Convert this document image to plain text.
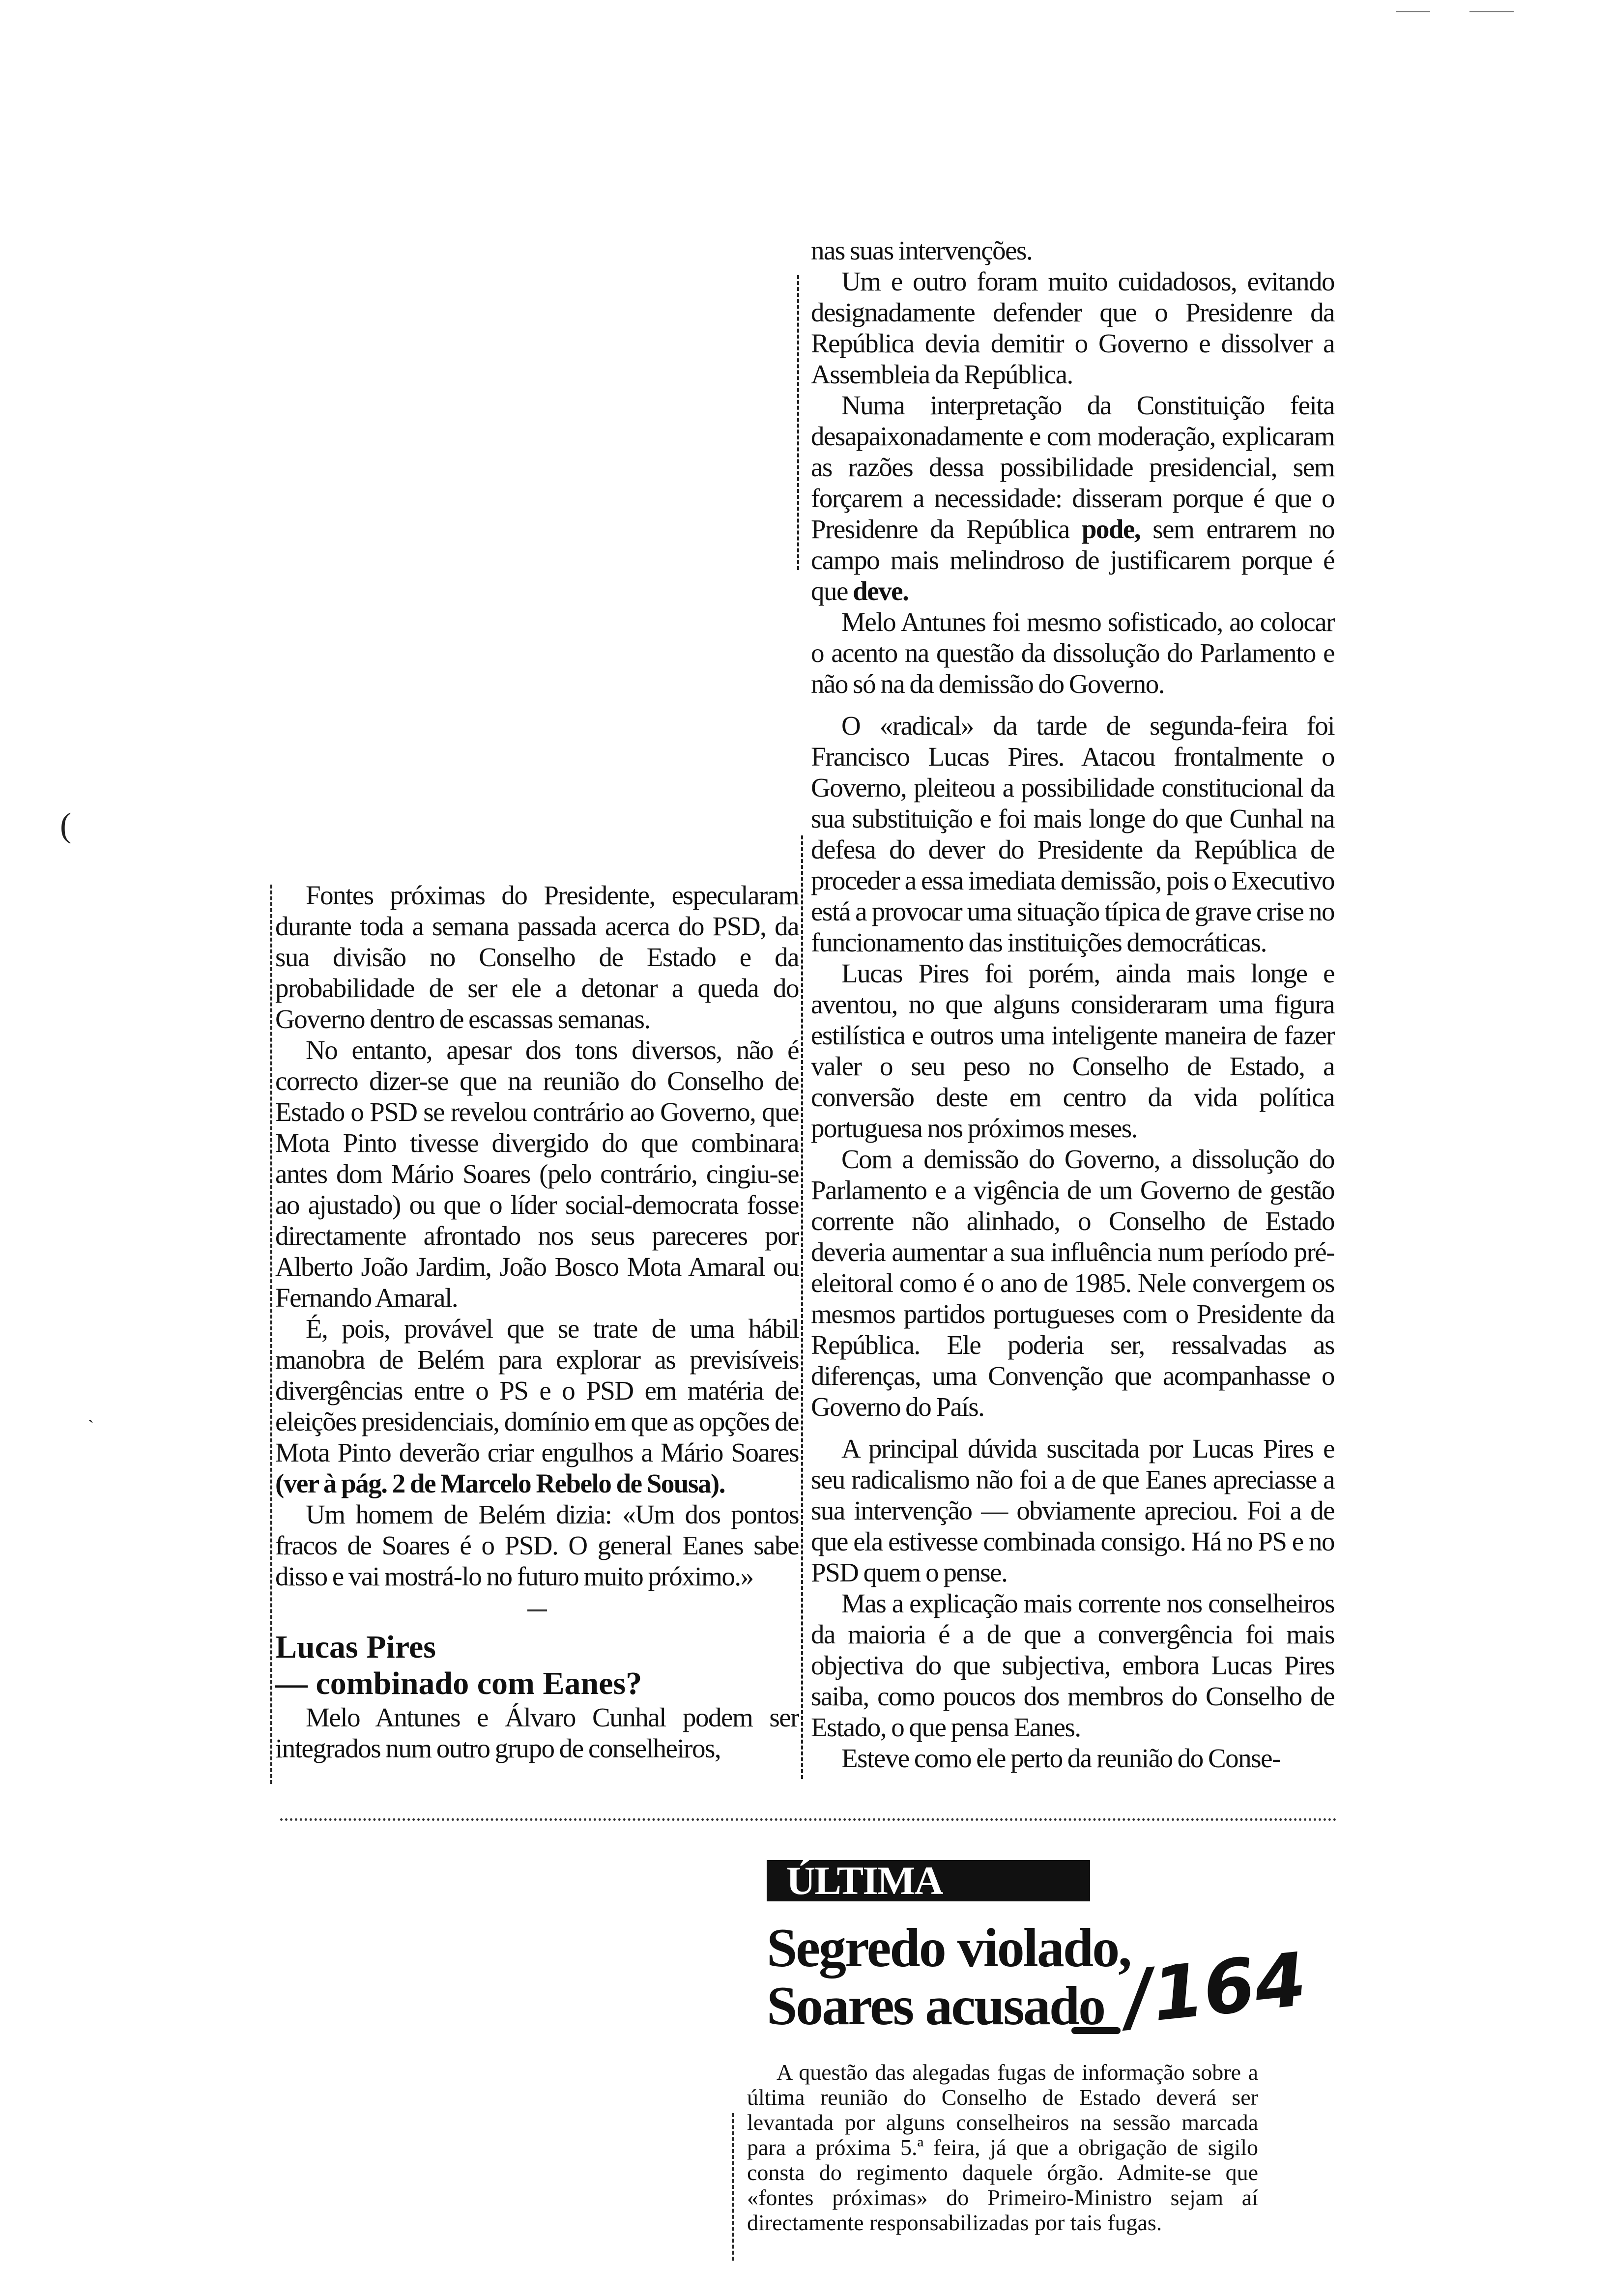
(
`

Fontes próximas do Presidente, especularam durante toda a semana passada acerca do PSD, da sua divisão no Conselho de Estado e da probabilidade de ser ele a detonar a queda do Governo dentro de escassas semanas.

No entanto, apesar dos tons diversos, não é correcto dizer-se que na reunião do Conselho de Estado o PSD se revelou contrário ao Governo, que Mota Pinto tivesse divergido do que combinara antes dom Mário Soares (pelo contrário, cingiu-se ao ajustado) ou que o líder social-democrata fosse directamente afrontado nos seus pareceres por Alberto João Jardim, João Bosco Mota Amaral ou Fernando Amaral.

É, pois, provável que se trate de uma hábil manobra de Belém para explorar as previsíveis divergências entre o PS e o PSD em matéria de eleições presidenciais, domínio em que as opções de Mota Pinto deverão criar engulhos a Mário Soares (ver à pág. 2 de Marcelo Rebelo de Sousa).

Um homem de Belém dizia: «Um dos pontos fracos de Soares é o PSD. O general Eanes sabe disso e vai mostrá-lo no futuro muito próximo.»

Lucas Pires

— combinado com Eanes?

Melo Antunes e Álvaro Cunhal podem ser integrados num outro grupo de conselheiros,

nas suas intervenções.

Um e outro foram muito cuidadosos, evitando designadamente defender que o Presidenre da República devia demitir o Governo e dissolver a Assembleia da República.

Numa interpretação da Constituição feita desapaixonadamente e com moderação, explicaram as razões dessa possibilidade presidencial, sem forçarem a necessidade: disseram porque é que o Presidenre da República pode, sem entrarem no campo mais melindroso de justificarem porque é que deve.

Melo Antunes foi mesmo sofisticado, ao colocar o acento na questão da dissolução do Parlamento e não só na da demissão do Governo.

O «radical» da tarde de segunda-feira foi Francisco Lucas Pires. Atacou frontalmente o Governo, pleiteou a possibilidade constitucional da sua substituição e foi mais longe do que Cunhal na defesa do dever do Presidente da República de proceder a essa imediata demissão, pois o Executivo está a provocar uma situação típica de grave crise no funcionamento das instituições democráticas.

Lucas Pires foi porém, ainda mais longe e aventou, no que alguns consideraram uma figura estilística e outros uma inteligente maneira de fazer valer o seu peso no Conselho de Estado, a conversão deste em centro da vida política portuguesa nos próximos meses.

Com a demissão do Governo, a dissolução do Parlamento e a vigência de um Governo de gestão corrente não alinhado, o Conselho de Estado deveria aumentar a sua influência num período pré-eleitoral como é o ano de 1985. Nele convergem os mesmos partidos portugueses com o Presidente da República. Ele poderia ser, ressalvadas as diferenças, uma Convenção que acompanhasse o Governo do País.

A principal dúvida suscitada por Lucas Pires e seu radicalismo não foi a de que Eanes apreciasse a sua intervenção — obviamente apreciou. Foi a de que ela estivesse combinada consigo. Há no PS e no PSD quem o pense.

Mas a explicação mais corrente nos conselheiros da maioria é a de que a convergência foi mais objectiva do que subjectiva, embora Lucas Pires saiba, como poucos dos membros do Conselho de Estado, o que pensa Eanes.

Esteve como ele perto da reunião do Conse-

ÚLTIMA
Segredo violado,
Soares acusado

A questão das alegadas fugas de informação sobre a última reunião do Conselho de Estado deverá ser levantada por alguns conselheiros na sessão marcada para a próxima 5.ª feira, já que a obrigação de sigilo consta do regimento daquele órgão. Admite-se que «fontes próximas» do Primeiro-Ministro sejam aí directamente responsabilizadas por tais fugas.

/164
